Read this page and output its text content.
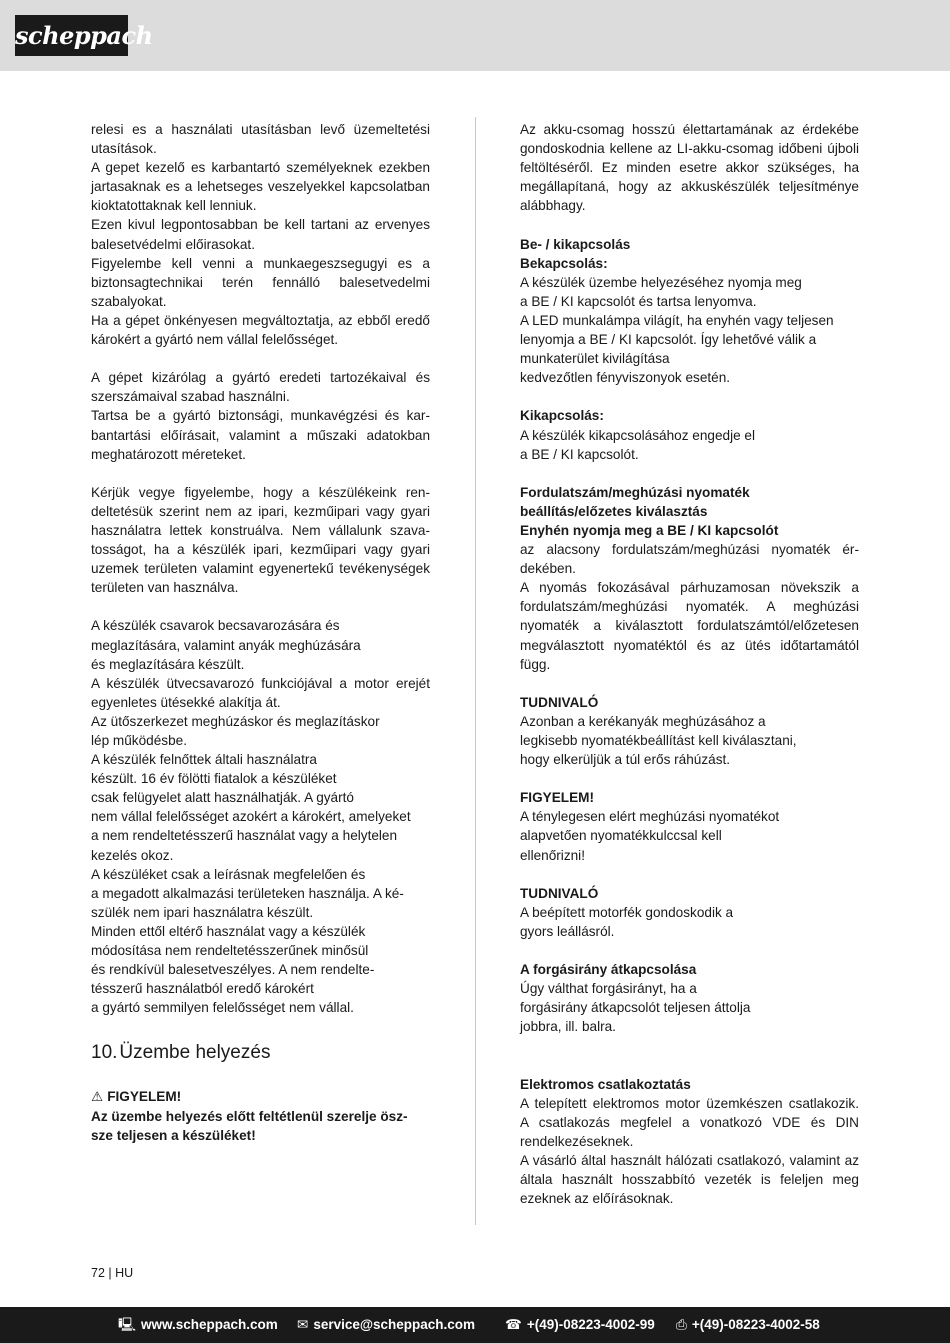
scheppach

relesi es a használati utasításban levő üzemeltetési utasítások.

A gepet kezelő es karbantartó személyeknek ezekben jartasaknak es a lehetseges veszelyekkel kapcsolatban kioktatottaknak kell lenniuk.

Ezen kivul legpontosabban be kell tartani az ervenyes balesetvédelmi előirasokat.

Figyelembe kell venni a munkaegeszsegugyi es a biztonsagtechnikai terén fennálló balesetvedelmi szabalyokat.

Ha a gépet önkényesen megváltoztatja, az ebből eredő károkért a gyártó nem vállal felelősséget.

A gépet kizárólag a gyártó eredeti tartozékaival és szerszámaival szabad használni.

Tartsa be a gyártó biztonsági, munkavégzési és karbantartási előírásait, valamint a műszaki adatokban meghatározott méreteket.

Kérjük vegye figyelembe, hogy a készülékeink rendeltetésük szerint nem az ipari, kezműipari vagy gyari használatra lettek konstruálva. Nem vállalunk szavatosságot, ha a készülék ipari, kezműipari vagy gyari uzemek területen valamint egyenertekű tevékenységek területen van használva.

A készülék csavarok becsavarozására és
meglazítására, valamint anyák meghúzására
és meglazítására készült.

A készülék ütvecsavarozó funkciójával a motor erejét egyenletes ütésekké alakítja át.

Az ütőszerkezet meghúzáskor és meglazításkor
lép működésbe.

A készülék felnőttek általi használatra
készült. 16 év fölötti fiatalok a készüléket
csak felügyelet alatt használhatják. A gyártó
nem vállal felelősséget azokért a károkért, amelyeket
a nem rendeltetésszerű használat vagy a helytelen
kezelés okoz.

A készüléket csak a leírásnak megfelelően és
a megadott alkalmazási területeken használja. A ké-
szülék nem ipari használatra készült.

Minden ettől eltérő használat vagy a készülék
módosítása nem rendeltetésszerűnek minősül
és rendkívül balesetveszélyes. A nem rendelte-
tésszerű használatból eredő károkért
a gyártó semmilyen felelősséget nem vállal.

10. Üzembe helyezés

⚠ FIGYELEM!

Az üzembe helyezés előtt feltétlenül szerelje ösz-
sze teljesen a készüléket!

Az akku-csomag hosszú élettartamának az érdekébe gondoskodnia kellene az LI-akku-csomag időbeni újboli feltöltéséről. Ez minden esetre akkor szükséges, ha megállapítaná, hogy az akkuskészülék teljesítménye alábbhagy.

Be- / kikapcsolás

Bekapcsolás:

A készülék üzembe helyezéséhez nyomja meg
a BE / KI kapcsolót és tartsa lenyomva.

A LED munkalámpa világít, ha enyhén vagy teljesen
lenyomja a BE / KI kapcsolót. Így lehetővé válik a
munkaterület kivilágítása
kedvezőtlen fényviszonyok esetén.

Kikapcsolás:

A készülék kikapcsolásához engedje el
a BE / KI kapcsolót.

Fordulatszám/meghúzási nyomaték
beállítás/előzetes kiválasztás

Enyhén nyomja meg a BE / KI kapcsolót

az alacsony fordulatszám/meghúzási nyomaték érdekében.

A nyomás fokozásával párhuzamosan növekszik a fordulatszám/meghúzási nyomaték. A meghúzási nyomaték a kiválasztott fordulatszámtól/előzetesen megválasztott nyomatéktól és az ütés időtartamától függ.

TUDNIVALÓ

Azonban a kerékanyák meghúzásához a
legkisebb nyomatékbeállítást kell kiválasztani,
hogy elkerüljük a túl erős ráhúzást.

FIGYELEM!

A ténylegesen elért meghúzási nyomatékot
alapvetően nyomatékkulccsal kell
ellenőrizni!

TUDNIVALÓ

A beépített motorfék gondoskodik a
gyors leállásról.

A forgásirány átkapcsolása

Úgy válthat forgásirányt, ha a
forgásirány átkapcsolót teljesen áttolja
jobbra, ill. balra.

Elektromos csatlakoztatás

A telepített elektromos motor üzemkészen csatlakozik. A csatlakozás megfelel a vonatkozó VDE és DIN rendelkezéseknek.

A vásárló által használt hálózati csatlakozó, valamint az általa használt hosszabbító vezeték is feleljen meg ezeknek az előírásoknak.

72 | HU
🖳 www.scheppach.com ✉ service@scheppach.com ☎ +(49)-08223-4002-99 ⎙ +(49)-08223-4002-58
